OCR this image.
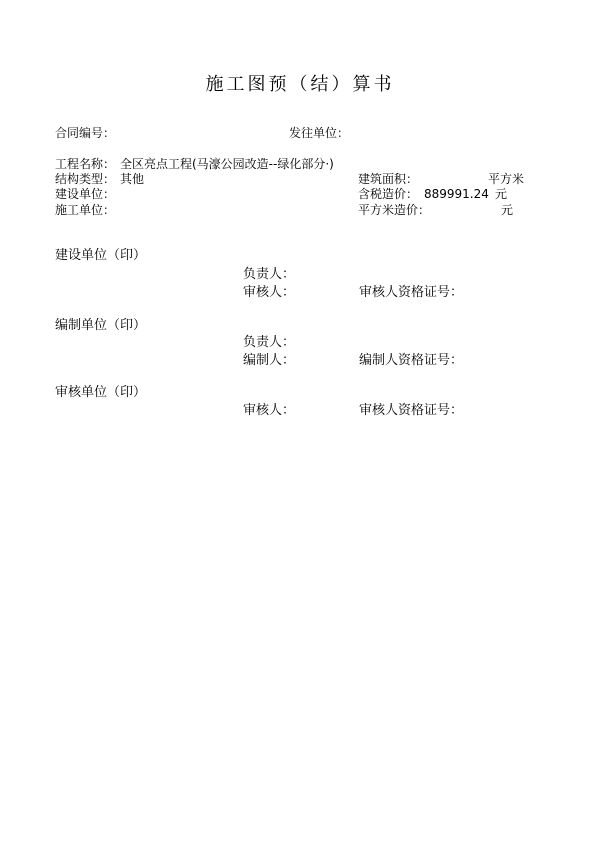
施工图预（结）算书
合同编号：	发往单位：
工程名称： 全区亮点工程(马濠公园改造--绿化部分·)
结构类型： 其他
建设单位：
施工单位：
建筑面积：	平方米
含税造价： 889991.24 元
平方米造价：	元
建设单位（印）
负责人：
审核人：	审核人资格证号：
编制单位（印）
负责人：
编制人：	编制人资格证号：
审核单位（印）
审核人：	审核人资格证号：
